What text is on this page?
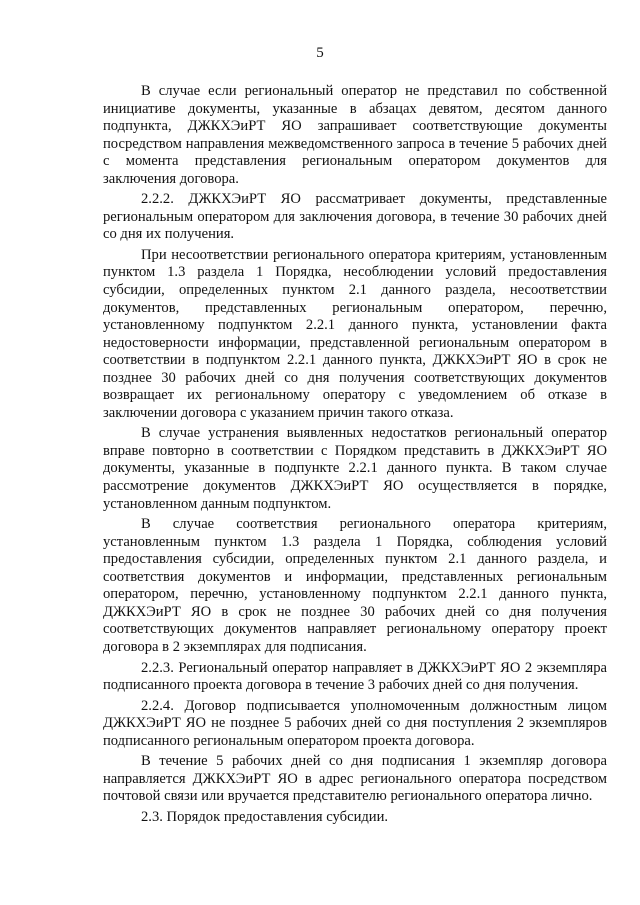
5

В случае если региональный оператор не представил по собственной инициативе документы, указанные в абзацах девятом, десятом данного подпункта, ДЖКХЭиРТ ЯО запрашивает соответствующие документы посредством направления межведомственного запроса в течение 5 рабочих дней с момента представления региональным оператором документов для заключения договора.

2.2.2. ДЖКХЭиРТ ЯО рассматривает документы, представленные региональным оператором для заключения договора, в течение 30 рабочих дней со дня их получения.

При несоответствии регионального оператора критериям, установленным пунктом 1.3 раздела 1 Порядка, несоблюдении условий предоставления субсидии, определенных пунктом 2.1 данного раздела, несоответствии документов, представленных региональным оператором, перечню, установленному подпунктом 2.2.1 данного пункта, установлении факта недостоверности информации, представленной региональным оператором в соответствии в подпунктом 2.2.1 данного пункта, ДЖКХЭиРТ ЯО в срок не позднее 30 рабочих дней со дня получения соответствующих документов возвращает их региональному оператору с уведомлением об отказе в заключении договора с указанием причин такого отказа.

В случае устранения выявленных недостатков региональный оператор вправе повторно в соответствии с Порядком представить в ДЖКХЭиРТ ЯО документы, указанные в подпункте 2.2.1 данного пункта. В таком случае рассмотрение документов ДЖКХЭиРТ ЯО осуществляется в порядке, установленном данным подпунктом.

В случае соответствия регионального оператора критериям, установленным пунктом 1.3 раздела 1 Порядка, соблюдения условий предоставления субсидии, определенных пунктом 2.1 данного раздела, и соответствия документов и информации, представленных региональным оператором, перечню, установленному подпунктом 2.2.1 данного пункта, ДЖКХЭиРТ ЯО в срок не позднее 30 рабочих дней со дня получения соответствующих документов направляет региональному оператору проект договора в 2 экземплярах для подписания.

2.2.3. Региональный оператор направляет в ДЖКХЭиРТ ЯО 2 экземпляра подписанного проекта договора в течение 3 рабочих дней со дня получения.

2.2.4. Договор подписывается уполномоченным должностным лицом ДЖКХЭиРТ ЯО не позднее 5 рабочих дней со дня поступления 2 экземпляров подписанного региональным оператором проекта договора.

В течение 5 рабочих дней со дня подписания 1 экземпляр договора направляется ДЖКХЭиРТ ЯО в адрес регионального оператора посредством почтовой связи или вручается представителю регионального оператора лично.

2.3. Порядок предоставления субсидии.
